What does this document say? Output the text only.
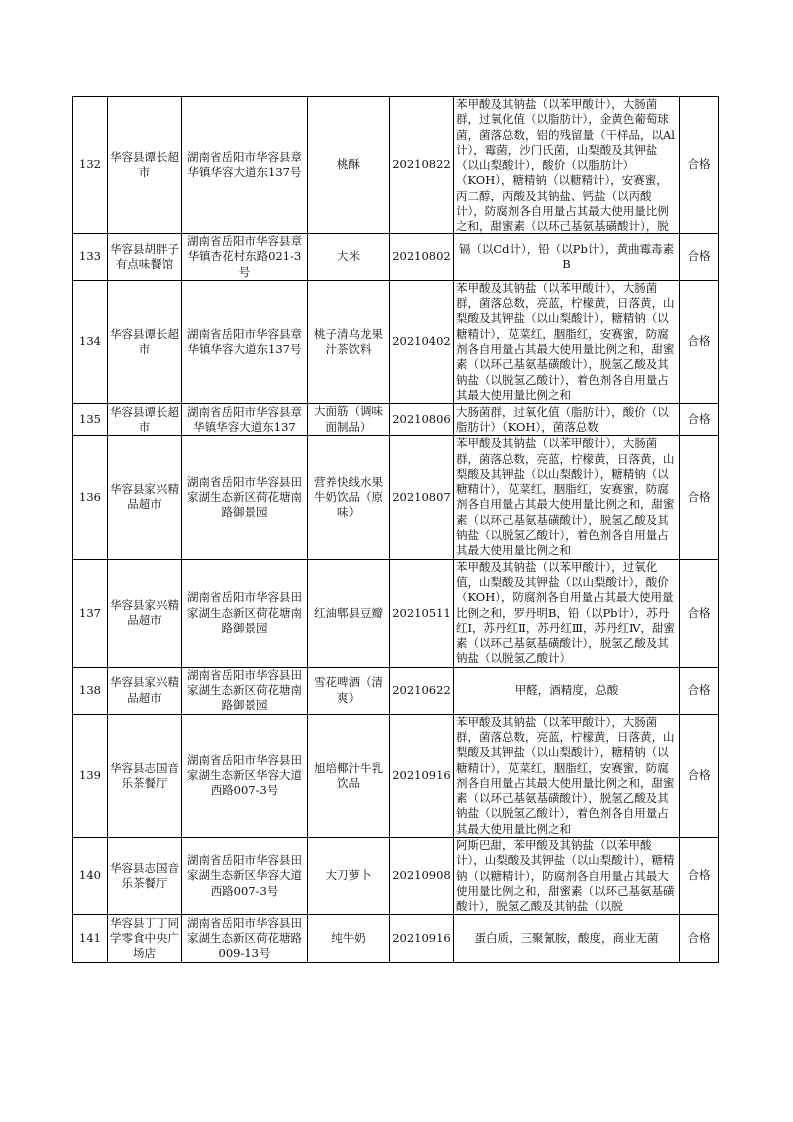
132	华容县谭长超市	湖南省岳阳市华容县章华镇华容大道东137号	桃酥	20210822	苯甲酸及其钠盐（以苯甲酸计），大肠菌群，过氧化值（以脂肪计），金黄色葡萄球菌，菌落总数，铝的残留量（干样品，以Al计），霉菌，沙门氏菌，山梨酸及其钾盐（以山梨酸计），酸价（以脂肪计）（KOH），糖精钠（以糖精计），安赛蜜，丙二醇，丙酸及其钠盐、钙盐（以丙酸计），防腐剂各自用量占其最大使用量比例之和，甜蜜素（以环己基氨基磺酸计），脱	合格
133	华容县胡胖子有点味餐馆	湖南省岳阳市华容县章华镇杏花村东路021-3号	大米	20210802	镉（以Cd计），铅（以Pb计），黄曲霉毒素B	合格
134	华容县谭长超市	湖南省岳阳市华容县章华镇华容大道东137号	桃子清乌龙果汁茶饮料	20210402	苯甲酸及其钠盐（以苯甲酸计），大肠菌群，菌落总数，亮蓝，柠檬黄，日落黄，山梨酸及其钾盐（以山梨酸计），糖精钠（以糖精计），苋菜红，胭脂红，安赛蜜，防腐剂各自用量占其最大使用量比例之和，甜蜜素（以环己基氨基磺酸计），脱氢乙酸及其钠盐（以脱氢乙酸计），着色剂各自用量占其最大使用量比例之和	合格
135	华容县谭长超市	湖南省岳阳市华容县章华镇华容大道东137	大面筋（调味面制品）	20210806	大肠菌群，过氧化值（脂肪计），酸价（以脂肪计）（KOH），菌落总数	合格
136	华容县家兴精品超市	湖南省岳阳市华容县田家湖生态新区荷花塘南路御景园	营养快线水果牛奶饮品（原味）	20210807	苯甲酸及其钠盐（以苯甲酸计），大肠菌群，菌落总数，亮蓝，柠檬黄，日落黄，山梨酸及其钾盐（以山梨酸计），糖精钠（以糖精计），苋菜红，胭脂红，安赛蜜，防腐剂各自用量占其最大使用量比例之和，甜蜜素（以环己基氨基磺酸计），脱氢乙酸及其钠盐（以脱氢乙酸计），着色剂各自用量占其最大使用量比例之和	合格
137	华容县家兴精品超市	湖南省岳阳市华容县田家湖生态新区荷花塘南路御景园	红油郫县豆瓣	20210511	苯甲酸及其钠盐（以苯甲酸计），过氧化值，山梨酸及其钾盐（以山梨酸计），酸价（KOH），防腐剂各自用量占其最大使用量比例之和，罗丹明B，铅（以Pb计），苏丹红Ⅰ，苏丹红Ⅱ，苏丹红Ⅲ，苏丹红Ⅳ，甜蜜素（以环己基氨基磺酸计），脱氢乙酸及其钠盐（以脱氢乙酸计）	合格
138	华容县家兴精品超市	湖南省岳阳市华容县田家湖生态新区荷花塘南路御景园	雪花啤酒（清爽）	20210622	甲醛，酒精度，总酸	合格
139	华容县志国音乐茶餐厅	湖南省岳阳市华容县田家湖生态新区华容大道西路007-3号	旭培椰汁牛乳饮品	20210916	苯甲酸及其钠盐（以苯甲酸计），大肠菌群，菌落总数，亮蓝，柠檬黄，日落黄，山梨酸及其钾盐（以山梨酸计），糖精钠（以糖精计），苋菜红，胭脂红，安赛蜜，防腐剂各自用量占其最大使用量比例之和，甜蜜素（以环己基氨基磺酸计），脱氢乙酸及其钠盐（以脱氢乙酸计），着色剂各自用量占其最大使用量比例之和	合格
140	华容县志国音乐茶餐厅	湖南省岳阳市华容县田家湖生态新区华容大道西路007-3号	大刀萝卜	20210908	阿斯巴甜，苯甲酸及其钠盐（以苯甲酸计），山梨酸及其钾盐（以山梨酸计），糖精钠（以糖精计），防腐剂各自用量占其最大使用量比例之和，甜蜜素（以环己基氨基磺酸计），脱氢乙酸及其钠盐（以脱	合格
141	华容县丁丁同学零食中央广场店	湖南省岳阳市华容县田家湖生态新区荷花塘路009-13号	纯牛奶	20210916	蛋白质，三聚氰胺，酸度，商业无菌	合格
